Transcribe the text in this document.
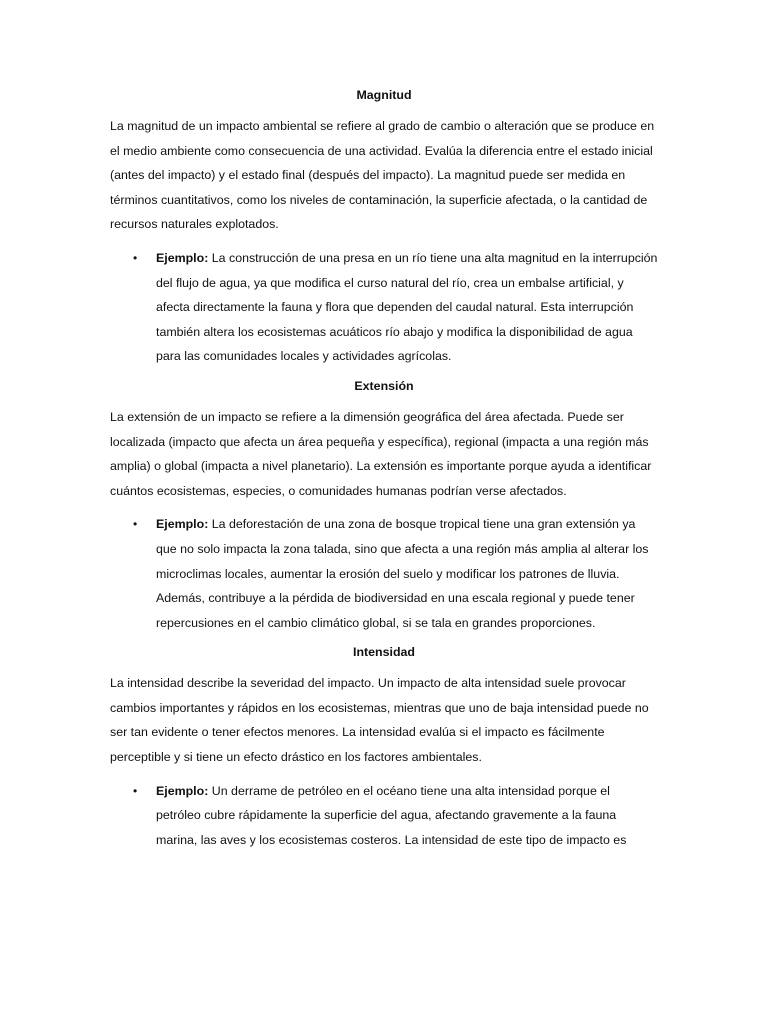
Magnitud

La magnitud de un impacto ambiental se refiere al grado de cambio o alteración que se produce en el medio ambiente como consecuencia de una actividad. Evalúa la diferencia entre el estado inicial (antes del impacto) y el estado final (después del impacto). La magnitud puede ser medida en términos cuantitativos, como los niveles de contaminación, la superficie afectada, o la cantidad de recursos naturales explotados.

• Ejemplo: La construcción de una presa en un río tiene una alta magnitud en la interrupción del flujo de agua, ya que modifica el curso natural del río, crea un embalse artificial, y afecta directamente la fauna y flora que dependen del caudal natural. Esta interrupción también altera los ecosistemas acuáticos río abajo y modifica la disponibilidad de agua para las comunidades locales y actividades agrícolas.
Extensión

La extensión de un impacto se refiere a la dimensión geográfica del área afectada. Puede ser localizada (impacto que afecta un área pequeña y específica), regional (impacta a una región más amplia) o global (impacta a nivel planetario). La extensión es importante porque ayuda a identificar cuántos ecosistemas, especies, o comunidades humanas podrían verse afectados.

• Ejemplo: La deforestación de una zona de bosque tropical tiene una gran extensión ya que no solo impacta la zona talada, sino que afecta a una región más amplia al alterar los microclimas locales, aumentar la erosión del suelo y modificar los patrones de lluvia. Además, contribuye a la pérdida de biodiversidad en una escala regional y puede tener repercusiones en el cambio climático global, si se tala en grandes proporciones.
Intensidad

La intensidad describe la severidad del impacto. Un impacto de alta intensidad suele provocar cambios importantes y rápidos en los ecosistemas, mientras que uno de baja intensidad puede no ser tan evidente o tener efectos menores. La intensidad evalúa si el impacto es fácilmente perceptible y si tiene un efecto drástico en los factores ambientales.

• Ejemplo: Un derrame de petróleo en el océano tiene una alta intensidad porque el petróleo cubre rápidamente la superficie del agua, afectando gravemente a la fauna marina, las aves y los ecosistemas costeros. La intensidad de este tipo de impacto es
